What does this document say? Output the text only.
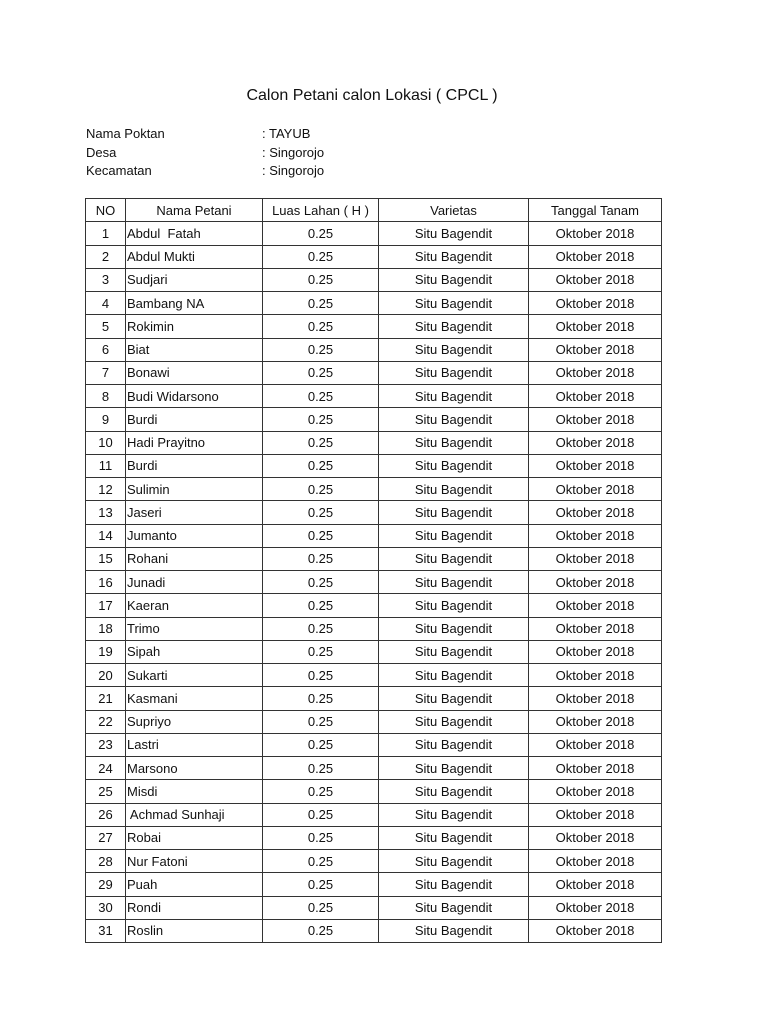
Calon Petani calon Lokasi ( CPCL )
Nama Poktan	: TAYUB
Desa	: Singorojo
Kecamatan	: Singorojo
NO	Nama Petani	Luas Lahan ( H )	Varietas	Tanggal Tanam
1	Abdul  Fatah	0.25	Situ Bagendit	Oktober 2018
2	Abdul Mukti	0.25	Situ Bagendit	Oktober 2018
3	Sudjari	0.25	Situ Bagendit	Oktober 2018
4	Bambang NA	0.25	Situ Bagendit	Oktober 2018
5	Rokimin	0.25	Situ Bagendit	Oktober 2018
6	Biat	0.25	Situ Bagendit	Oktober 2018
7	Bonawi	0.25	Situ Bagendit	Oktober 2018
8	Budi Widarsono	0.25	Situ Bagendit	Oktober 2018
9	Burdi	0.25	Situ Bagendit	Oktober 2018
10	Hadi Prayitno	0.25	Situ Bagendit	Oktober 2018
11	Burdi	0.25	Situ Bagendit	Oktober 2018
12	Sulimin	0.25	Situ Bagendit	Oktober 2018
13	Jaseri	0.25	Situ Bagendit	Oktober 2018
14	Jumanto	0.25	Situ Bagendit	Oktober 2018
15	Rohani	0.25	Situ Bagendit	Oktober 2018
16	Junadi	0.25	Situ Bagendit	Oktober 2018
17	Kaeran	0.25	Situ Bagendit	Oktober 2018
18	Trimo	0.25	Situ Bagendit	Oktober 2018
19	Sipah	0.25	Situ Bagendit	Oktober 2018
20	Sukarti	0.25	Situ Bagendit	Oktober 2018
21	Kasmani	0.25	Situ Bagendit	Oktober 2018
22	Supriyo	0.25	Situ Bagendit	Oktober 2018
23	Lastri	0.25	Situ Bagendit	Oktober 2018
24	Marsono	0.25	Situ Bagendit	Oktober 2018
25	Misdi	0.25	Situ Bagendit	Oktober 2018
26	Achmad Sunhaji	0.25	Situ Bagendit	Oktober 2018
27	Robai	0.25	Situ Bagendit	Oktober 2018
28	Nur Fatoni	0.25	Situ Bagendit	Oktober 2018
29	Puah	0.25	Situ Bagendit	Oktober 2018
30	Rondi	0.25	Situ Bagendit	Oktober 2018
31	Roslin	0.25	Situ Bagendit	Oktober 2018
